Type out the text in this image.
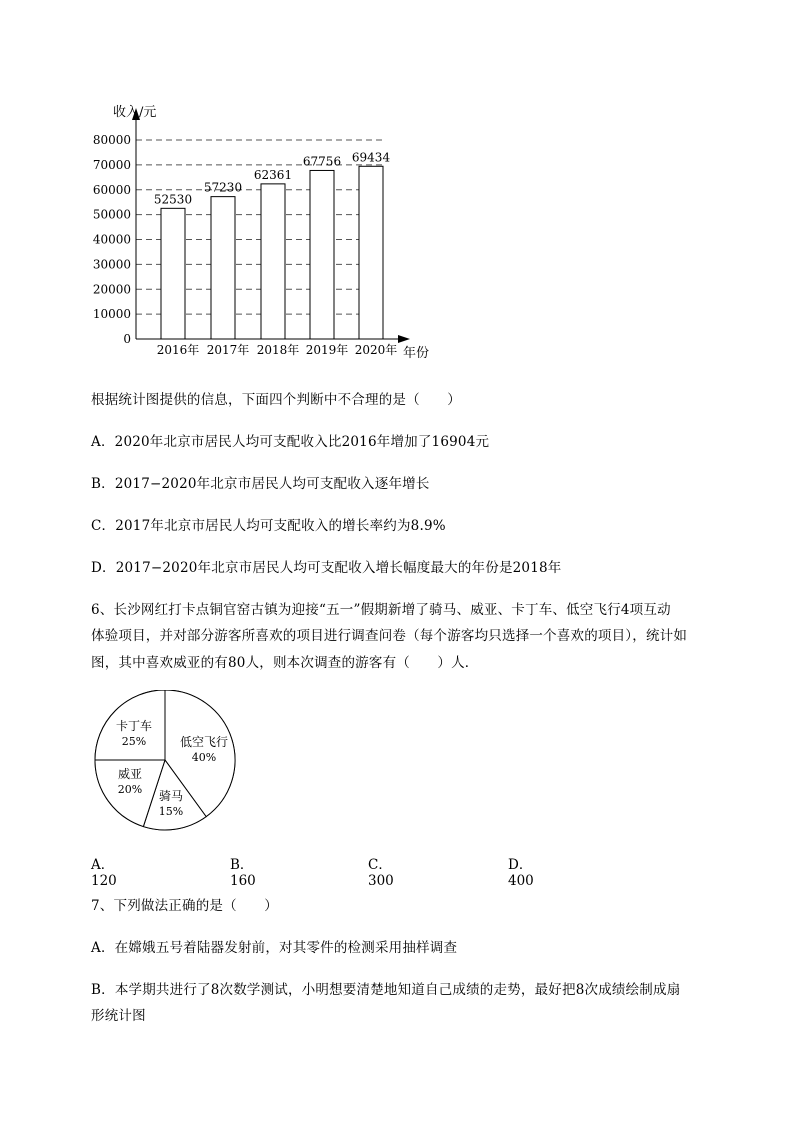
0
10000
20000
30000
40000
50000
60000
70000
80000
收入/元
年份
52530
2016年
57230
2017年
62361
2018年
67756
2019年
69434
2020年
根据统计图提供的信息，下面四个判断中不合理的是（　　）
A．2020年北京市居民人均可支配收入比2016年增加了16904元
B．2017−2020年北京市居民人均可支配收入逐年增长
C．2017年北京市居民人均可支配收入的增长率约为8.9%
D．2017−2020年北京市居民人均可支配收入增长幅度最大的年份是2018年
6、长沙网红打卡点铜官窑古镇为迎接“五一”假期新增了骑马、威亚、卡丁车、低空飞行4项互动
体验项目，并对部分游客所喜欢的项目进行调查问卷（每个游客均只选择一个喜欢的项目），统计如
图，其中喜欢威亚的有80人，则本次调查的游客有（　　）人．
低空飞行
40%
骑马
15%
威亚
20%
卡丁车
25%
A．120
B．160
C．300
D．400
7、下列做法正确的是（　　）
A．在嫦娥五号着陆器发射前，对其零件的检测采用抽样调查
B．本学期共进行了8次数学测试，小明想要清楚地知道自己成绩的走势，最好把8次成绩绘制成扇
形统计图
